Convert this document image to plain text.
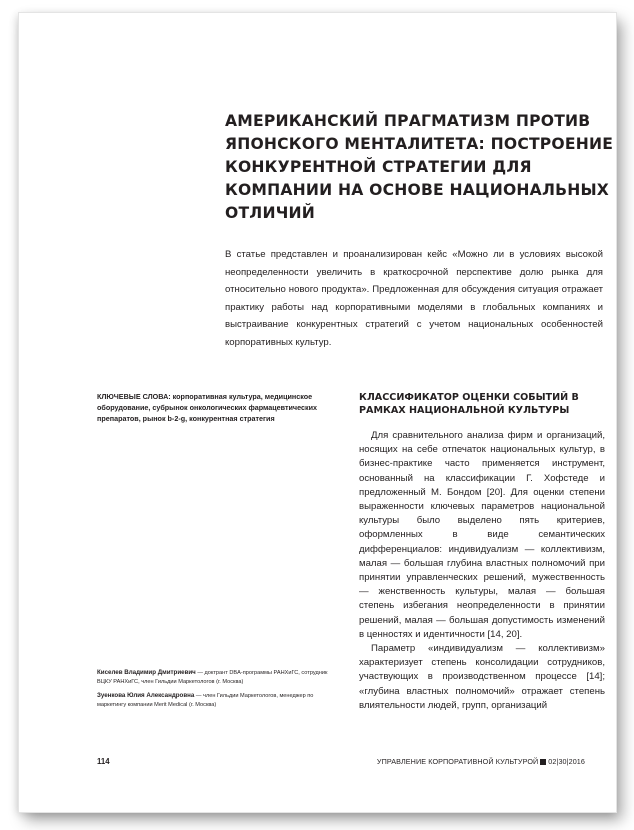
АМЕРИКАНСКИЙ ПРАГМАТИЗМ ПРОТИВ ЯПОНСКОГО МЕНТАЛИТЕТА: ПОСТРОЕНИЕ КОНКУРЕНТНОЙ СТРАТЕГИИ ДЛЯ КОМПАНИИ НА ОСНОВЕ НАЦИОНАЛЬНЫХ ОТЛИЧИЙ

В статье представлен и проанализирован кейс «Можно ли в условиях высокой неопределенности увеличить в краткосрочной перспективе долю рынка для относительно нового продукта». Предложенная для обсуждения ситуация отражает практику работы над корпоративными моделями в глобальных компаниях и выстраивание конкурентных стратегий с учетом национальных особенностей корпоративных культур.

КЛЮЧЕВЫЕ СЛОВА: корпоративная культура, медицинское оборудование, субрынок онкологических фармацевтических препаратов, рынок b-2-g, конкурентная стратегия

КЛАССИФИКАТОР ОЦЕНКИ СОБЫТИЙ В РАМКАХ НАЦИОНАЛЬНОЙ КУЛЬТУРЫ

Для сравнительного анализа фирм и организаций, носящих на себе отпечаток национальных культур, в бизнес-практике часто применяется инструмент, основанный на классификации Г. Хофстеде и предложенный М. Бондом [20]. Для оценки степени выраженности ключевых параметров национальной культуры было выделено пять критериев, оформленных в виде семантических дифференциалов: индивидуализм — коллективизм, малая — большая глубина властных полномочий при принятии управленческих решений, мужественность — женственность культуры, малая — большая степень избегания неопределенности в принятии решений, малая — большая допустимость изменений в ценностях и идентичности [14, 20].

Параметр «индивидуализм — коллективизм» характеризует степень консолидации сотрудников, участвующих в производственном процессе [14]; «глубина властных полномочий» отражает степень влиятельности людей, групп, организаций

Киселев Владимир Дмитриевич — доктрант DBA-программы РАНХиГС, сотрудник ВЦКУ РАНХиГС, член Гильдии Маркетологов (г. Москва)

Зуенкова Юлия Александровна — член Гильдии Маркетологов, менеджер по маркетингу компании Merit Medical (г. Москва)

114	УПРАВЛЕНИЕ КОРПОРАТИВНОЙ КУЛЬТУРОЙ 02|30|2016
